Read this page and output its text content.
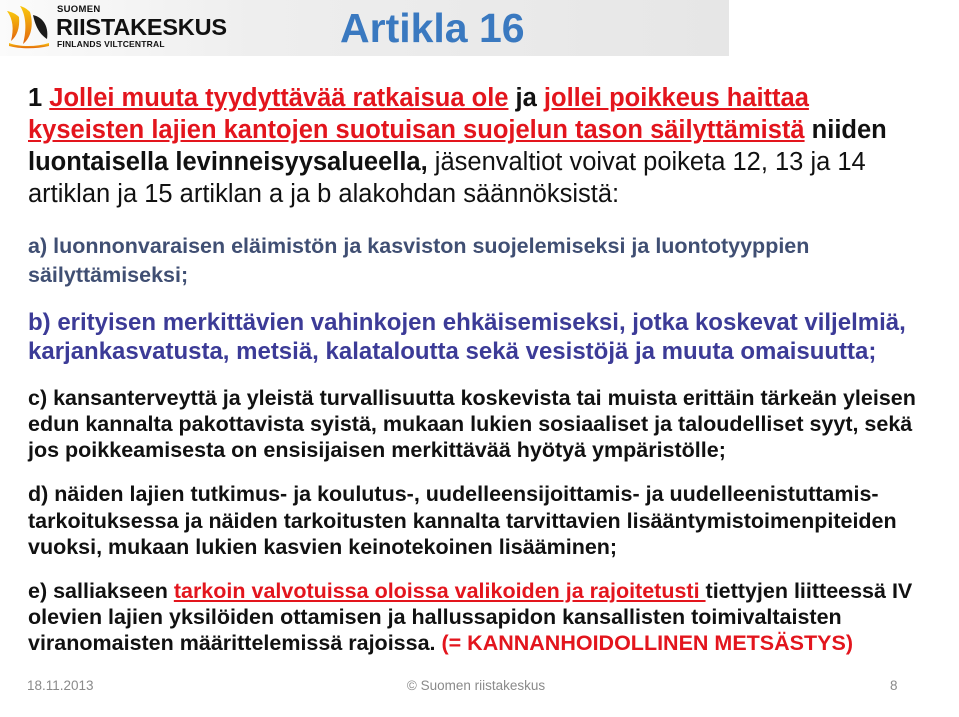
SUOMEN
RIISTAKESKUS
FINLANDS VILTCENTRAL	Artikla 16
1 Jollei muuta tyydyttävää ratkaisua ole ja jollei poikkeus haittaa
kyseisten lajien kantojen suotuisan suojelun tason säilyttämistä niiden
luontaisella levinneisyysalueella, jäsenvaltiot voivat poiketa 12, 13 ja 14
artiklan ja 15 artiklan a ja b alakohdan säännöksistä:
a) luonnonvaraisen eläimistön ja kasviston suojelemiseksi ja luontotyyppien
säilyttämiseksi;
b) erityisen merkittävien vahinkojen ehkäisemiseksi, jotka koskevat viljelmiä,
karjankasvatusta, metsiä, kalataloutta sekä vesistöjä ja muuta omaisuutta;
c) kansanterveyttä ja yleistä turvallisuutta koskevista tai muista erittäin tärkeän yleisen
edun kannalta pakottavista syistä, mukaan lukien sosiaaliset ja taloudelliset syyt, sekä
jos poikkeamisesta on ensisijaisen merkittävää hyötyä ympäristölle;
d) näiden lajien tutkimus- ja koulutus-, uudelleensijoittamis- ja uudelleenistuttamis-
tarkoituksessa ja näiden tarkoitusten kannalta tarvittavien lisääntymistoimenpiteiden
vuoksi, mukaan lukien kasvien keinotekoinen lisääminen;
e) salliakseen tarkoin valvotuissa oloissa valikoiden ja rajoitetusti tiettyjen liitteessä IV
olevien lajien yksilöiden ottamisen ja hallussapidon kansallisten toimivaltaisten
viranomaisten määrittelemissä rajoissa. (= KANNANHOIDOLLINEN METSÄSTYS)
18.11.2013	© Suomen riistakeskus	8
